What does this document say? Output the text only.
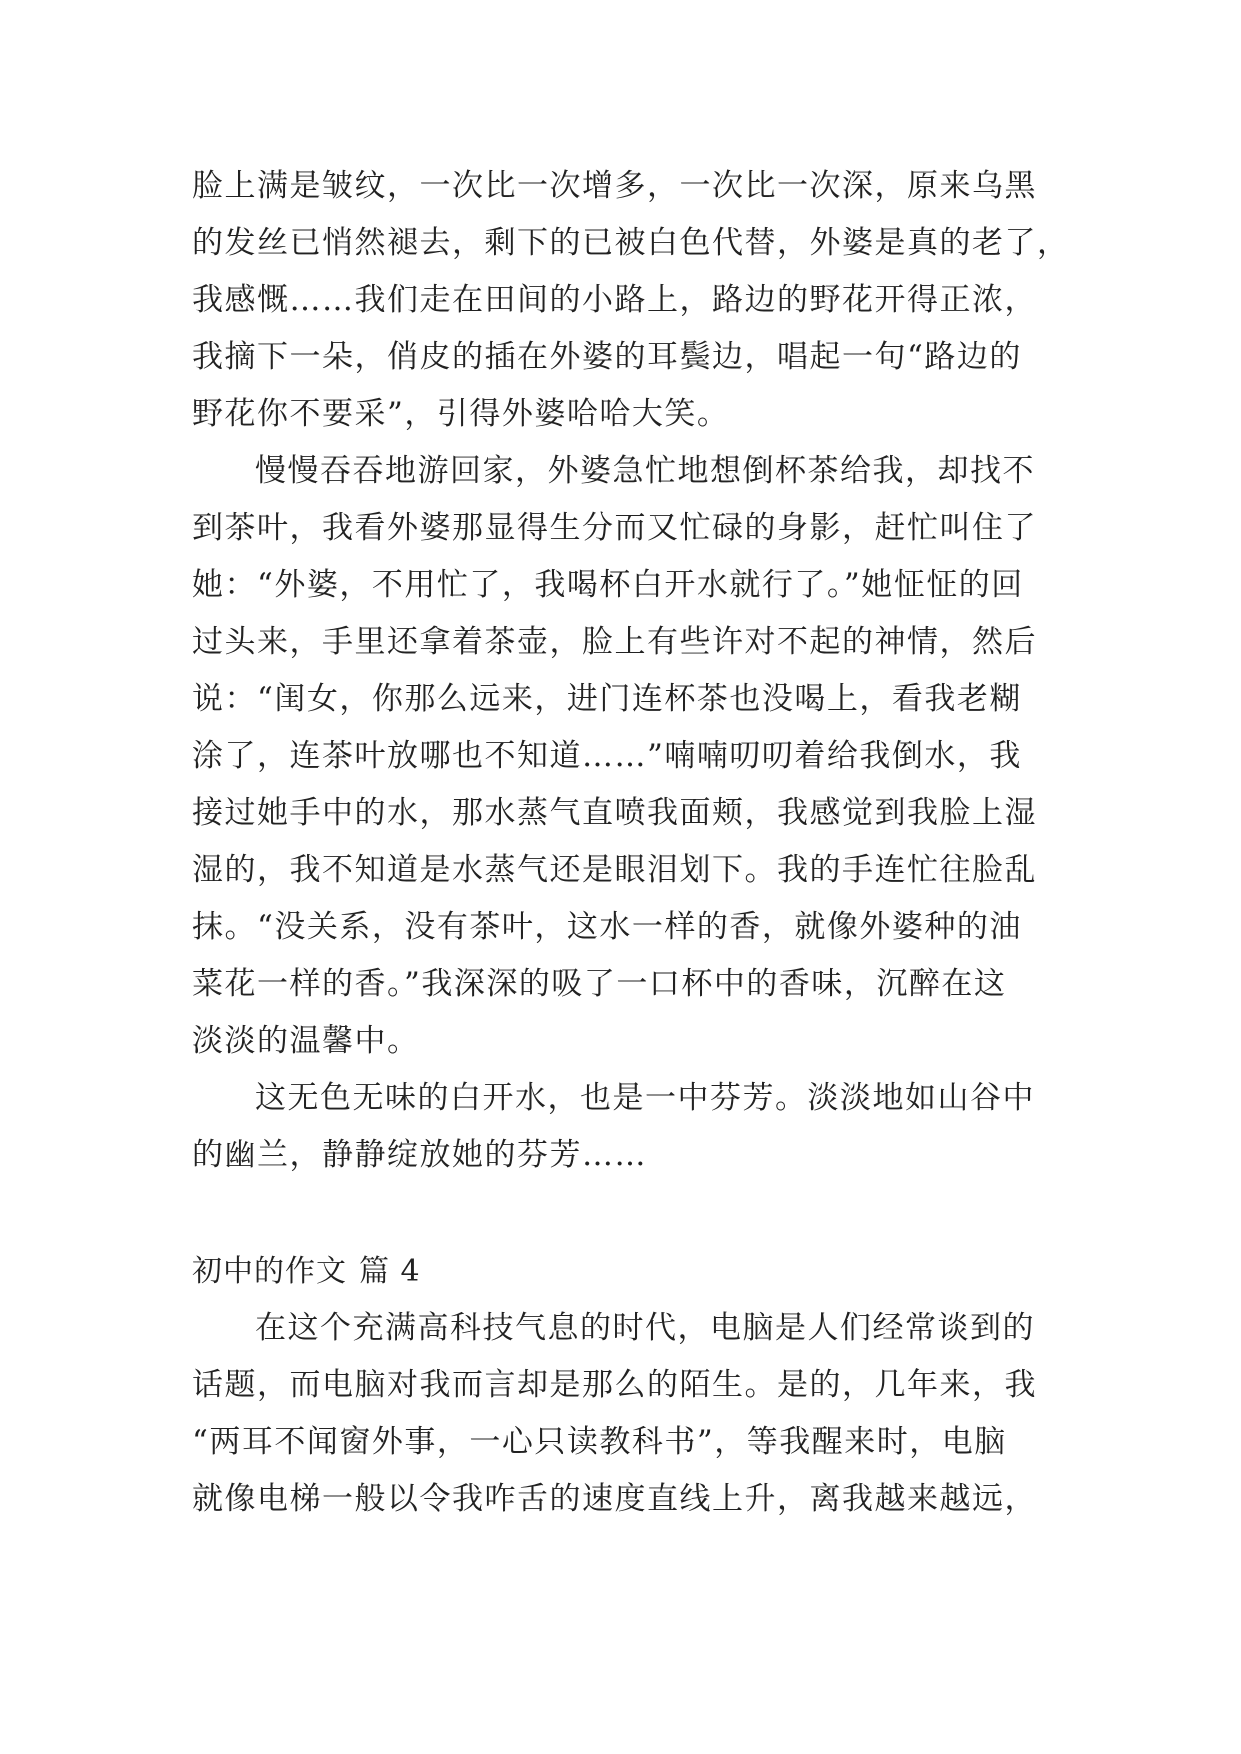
脸上满是皱纹，一次比一次增多，一次比一次深，原来乌黑
的发丝已悄然褪去，剩下的已被白色代替，外婆是真的老了，
我感慨……我们走在田间的小路上，路边的野花开得正浓，
我摘下一朵，俏皮的插在外婆的耳鬓边，唱起一句“路边的
野花你不要采”，引得外婆哈哈大笑。
慢慢吞吞地游回家，外婆急忙地想倒杯茶给我，却找不
到茶叶，我看外婆那显得生分而又忙碌的身影，赶忙叫住了
她：“外婆，不用忙了，我喝杯白开水就行了。”她怔怔的回
过头来，手里还拿着茶壶，脸上有些许对不起的神情，然后
说：“闺女，你那么远来，进门连杯茶也没喝上，看我老糊
涂了，连茶叶放哪也不知道……”喃喃叨叨着给我倒水，我
接过她手中的水，那水蒸气直喷我面颊，我感觉到我脸上湿
湿的，我不知道是水蒸气还是眼泪划下。我的手连忙往脸乱
抹。“没关系，没有茶叶，这水一样的香，就像外婆种的油
菜花一样的香。”我深深的吸了一口杯中的香味，沉醉在这
淡淡的温馨中。
这无色无味的白开水，也是一中芬芳。淡淡地如山谷中
的幽兰，静静绽放她的芬芳……
初中的作文 篇 4
在这个充满高科技气息的时代，电脑是人们经常谈到的
话题，而电脑对我而言却是那么的陌生。是的，几年来，我
“两耳不闻窗外事，一心只读教科书”，等我醒来时，电脑
就像电梯一般以令我咋舌的速度直线上升，离我越来越远，
